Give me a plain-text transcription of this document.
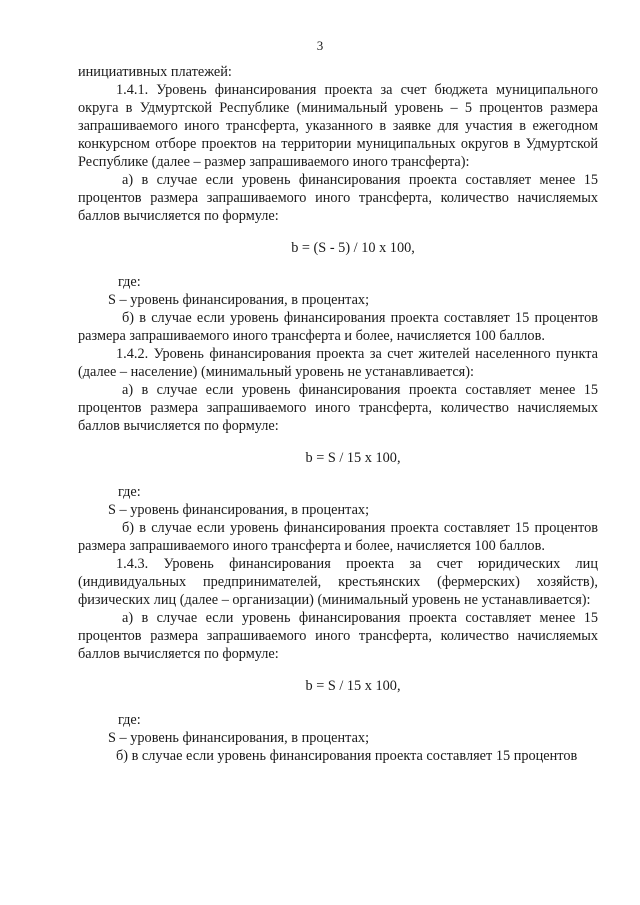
3

инициативных платежей:

1.4.1. Уровень финансирования проекта за счет бюджета муниципального округа в Удмуртской Республике (минимальный уровень – 5 процентов размера запрашиваемого иного трансферта, указанного в заявке для участия в ежегодном конкурсном отборе проектов на территории муниципальных округов в Удмуртской Республике (далее – размер запрашиваемого иного трансферта):

а) в случае если уровень финансирования проекта составляет менее 15 процентов размера запрашиваемого иного трансферта, количество начисляемых баллов вычисляется по формуле:

b = (S - 5) / 10 х 100,

где:

S – уровень финансирования, в процентах;

б) в случае если уровень финансирования проекта составляет 15 процентов размера запрашиваемого иного трансферта и более, начисляется 100 баллов.

1.4.2. Уровень финансирования проекта за счет жителей населенного пункта (далее – население) (минимальный уровень не устанавливается):

а) в случае если уровень финансирования проекта составляет менее 15 процентов размера запрашиваемого иного трансферта, количество начисляемых баллов вычисляется по формуле:

b = S / 15 х 100,

где:

S – уровень финансирования, в процентах;

б) в случае если уровень финансирования проекта составляет 15 процентов размера запрашиваемого иного трансферта и более, начисляется 100 баллов.

1.4.3. Уровень финансирования проекта за счет юридических лиц (индивидуальных предпринимателей, крестьянских (фермерских) хозяйств), физических лиц (далее – организации) (минимальный уровень не устанавливается):

а) в случае если уровень финансирования проекта составляет менее 15 процентов размера запрашиваемого иного трансферта, количество начисляемых баллов вычисляется по формуле:

b = S / 15 х 100,

где:

S – уровень финансирования, в процентах;

б) в случае если уровень финансирования проекта составляет 15 процентов
